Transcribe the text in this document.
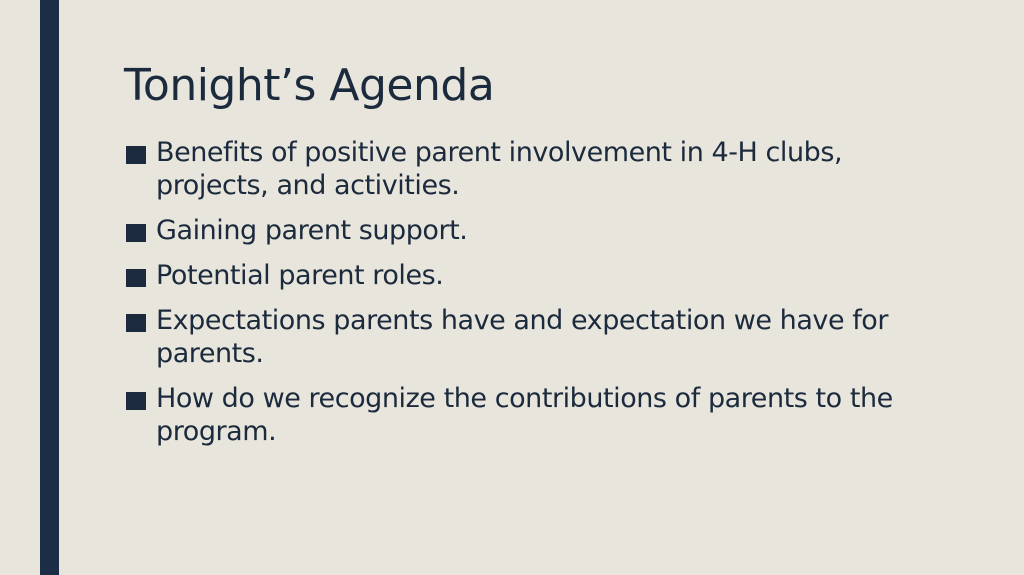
Tonight’s Agenda
Benefits of positive parent involvement in 4-H clubs, projects, and activities.
Gaining parent support.
Potential parent roles.
Expectations parents have and expectation we have for parents.
How do we recognize the contributions of parents to the program.
